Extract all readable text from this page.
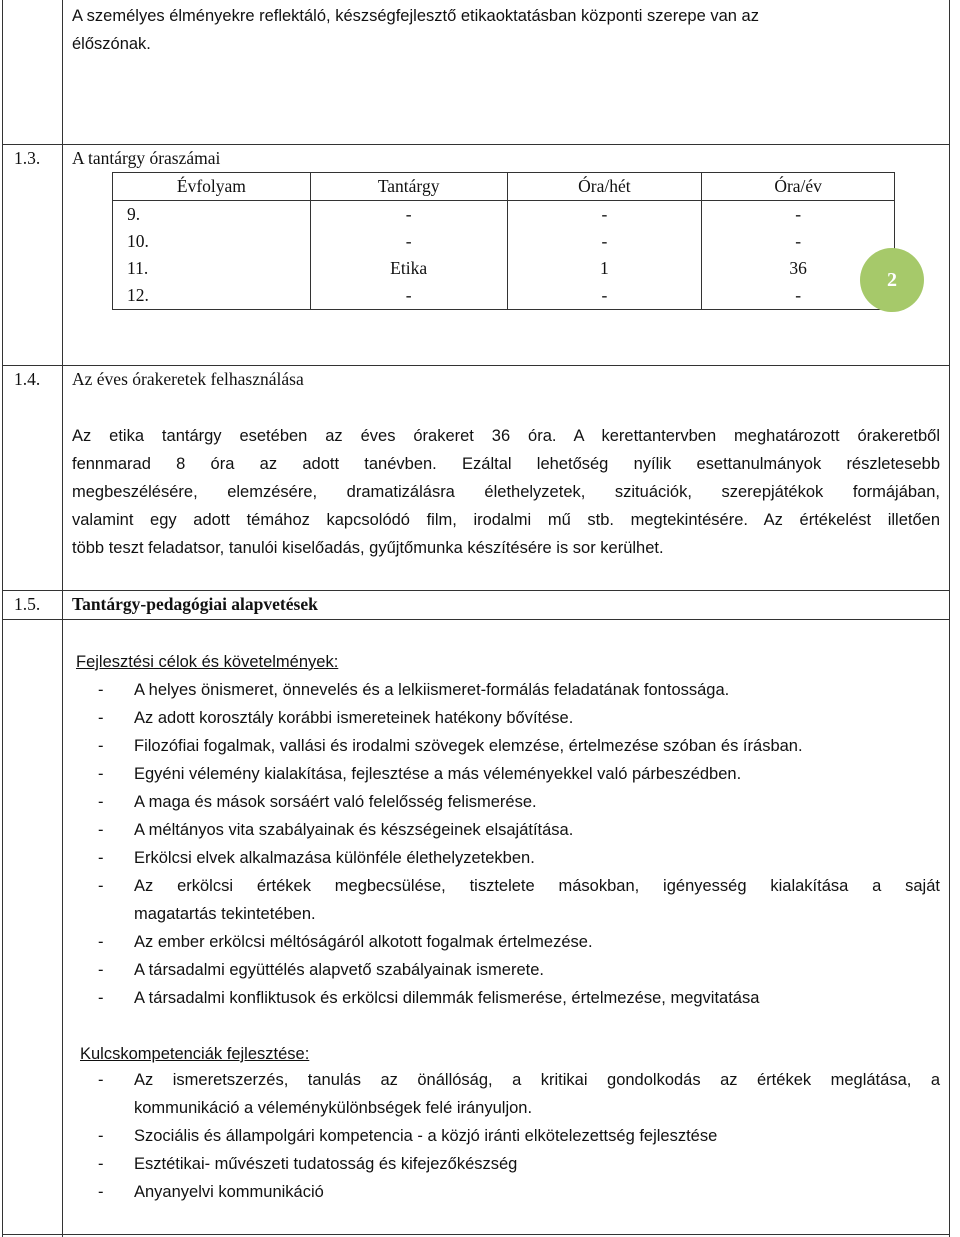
A személyes élményekre reflektáló, készségfejlesztő etikaoktatásban központi szerepe van az
élőszónak.
1.3. A tantárgy óraszámai
Évfolyam	Tantárgy	Óra/hét	Óra/év
9.	-	-	-
10.	-	-	-
11.	Etika	1	36
12.	-	-	-
2
1.4. Az éves órakeretek felhasználása
Az etika tantárgy esetében az éves órakeret 36 óra. A kerettantervben meghatározott órakeretből
fennmarad 8 óra az adott tanévben. Ezáltal lehetőség nyílik esettanulmányok részletesebb
megbeszélésére, elemzésére, dramatizálásra élethelyzetek, szituációk, szerepjátékok formájában,
valamint egy adott témához kapcsolódó film, irodalmi mű stb. megtekintésére. Az értékelést illetően
több teszt feladatsor, tanulói kiselőadás, gyűjtőmunka készítésére is sor kerülhet.
1.5. Tantárgy-pedagógiai alapvetések
Fejlesztési célok és követelmények:
- A helyes önismeret, önnevelés és a lelkiismeret-formálás feladatának fontossága.
- Az adott korosztály korábbi ismereteinek hatékony bővítése.
- Filozófiai fogalmak, vallási és irodalmi szövegek elemzése, értelmezése szóban és írásban.
- Egyéni vélemény kialakítása, fejlesztése a más véleményekkel való párbeszédben.
- A maga és mások sorsáért való felelősség felismerése.
- A méltányos vita szabályainak és készségeinek elsajátítása.
- Erkölcsi elvek alkalmazása különféle élethelyzetekben.
- Az erkölcsi értékek megbecsülése, tisztelete másokban, igényesség kialakítása a saját
magatartás tekintetében.
- Az ember erkölcsi méltóságáról alkotott fogalmak értelmezése.
- A társadalmi együttélés alapvető szabályainak ismerete.
- A társadalmi konfliktusok és erkölcsi dilemmák felismerése, értelmezése, megvitatása
Kulcskompetenciák fejlesztése:
- Az ismeretszerzés, tanulás az önállóság, a kritikai gondolkodás az értékek meglátása, a
kommunikáció a véleménykülönbségek felé irányuljon.
- Szociális és állampolgári kompetencia - a közjó iránti elkötelezettség fejlesztése
- Esztétikai- művészeti tudatosság és kifejezőkészség
- Anyanyelvi kommunikáció
